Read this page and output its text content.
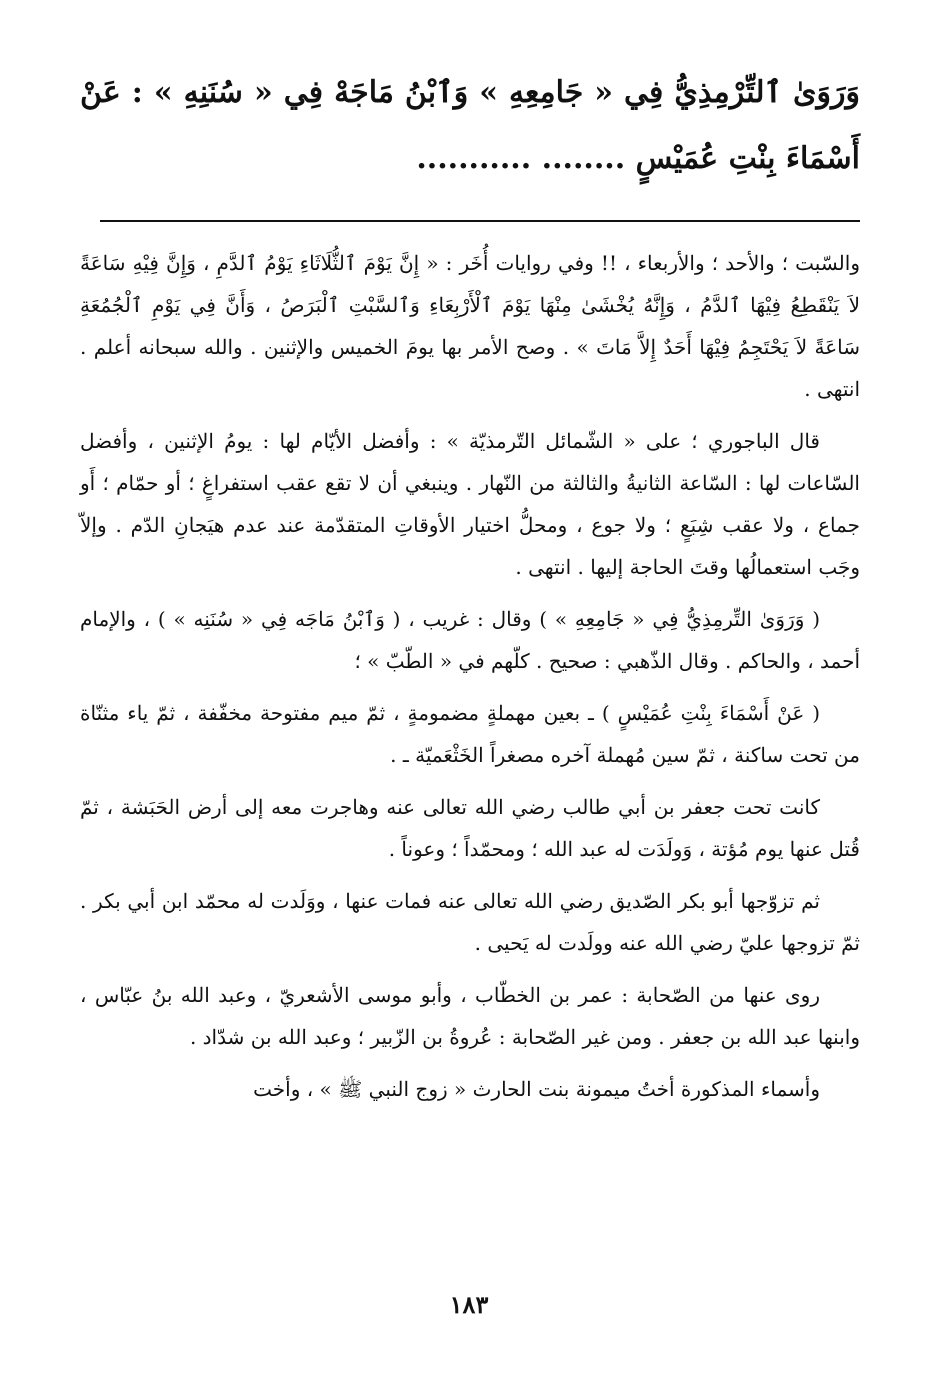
وَرَوَىٰ ٱلتِّرْمِذِيُّ فِي « جَامِعِهِ » وَٱبْنُ مَاجَهْ فِي « سُنَنِهِ » : عَنْ أَسْمَاءَ بِنْتِ عُمَيْسٍ ........ ...........

والسّبت ؛ والأحد ؛ والأربعاء ، !! وفي روايات أُخَر : « إِنَّ يَوْمَ ٱلثُّلَاثَاءِ يَوْمُ ٱلدَّمِ ، وَإِنَّ فِيْهِ سَاعَةً لاَ يَنْقَطِعُ فِيْهَا ٱلدَّمُ ، وَإِنَّهُ يُخْشَىٰ مِنْهَا يَوْمَ ٱلْأَرْبِعَاءِ وَٱلسَّبْتِ ٱلْبَرَصُ ، وَأَنَّ فِي يَوْمِ ٱلْجُمُعَةِ سَاعَةً لاَ يَحْتَجِمُ فِيْهَا أَحَدٌ إِلاَّ مَاتَ » . وصح الأمر بها يومَ الخميس والإثنين . والله سبحانه أعلم . انتهى .

قال الباجوري ؛ على « الشّمائل التّرمذيّة » : وأفضل الأيّام لها : يومُ الإثنين ، وأفضل السّاعات لها : السّاعة الثانيةُ والثالثة من النّهار . وينبغي أن لا تقع عقب استفراغٍ ؛ أو حمّام ؛ أَو جماع ، ولا عقب شِبَعٍ ؛ ولا جوع ، ومحلُّ اختيار الأوقاتِ المتقدّمة عند عدم هيَجانِ الدّم . وإلاّ وجَب استعمالُها وقتَ الحاجة إليها . انتهى .

( وَرَوَىٰ التِّرمِذِيُّ فِي « جَامِعِهِ » ) وقال : غريب ، ( وَٱبْنُ مَاجَه فِي « سُنَنِه » ) ، والإمام أحمد ، والحاكم . وقال الذّهبي : صحيح . كلّهم في « الطّبّ » ؛

( عَنْ أَسْمَاءَ بِنْتِ عُمَيْسٍ ) ـ بعين مهملةٍ مضمومةٍ ، ثمّ ميم مفتوحة مخفّفة ، ثمّ ياء مثنّاة من تحت ساكنة ، ثمّ سين مُهملة آخره مصغراً الخَثْعَميّة ـ .

كانت تحت جعفر بن أبي طالب رضي الله تعالى عنه وهاجرت معه إلى أرض الحَبَشة ، ثمّ قُتل عنها يوم مُؤتة ، وَولَدَت له عبد الله ؛ ومحمّداً ؛ وعوناً .

ثم تزوّجها أبو بكر الصّديق رضي الله تعالى عنه فمات عنها ، ووَلَدت له محمّد ابن أبي بكر . ثمّ تزوجها عليّ رضي الله عنه وولَدت له يَحيى .

روى عنها من الصّحابة : عمر بن الخطّاب ، وأبو موسى الأشعريّ ، وعبد الله بنُ عبّاس ، وابنها عبد الله بن جعفر . ومن غير الصّحابة : عُروةُ بن الزّبير ؛ وعبد الله بن شدّاد .

وأسماء المذكورة أختُ ميمونة بنت الحارث « زوج النبي ﷺ » ، وأخت

١٨٣
